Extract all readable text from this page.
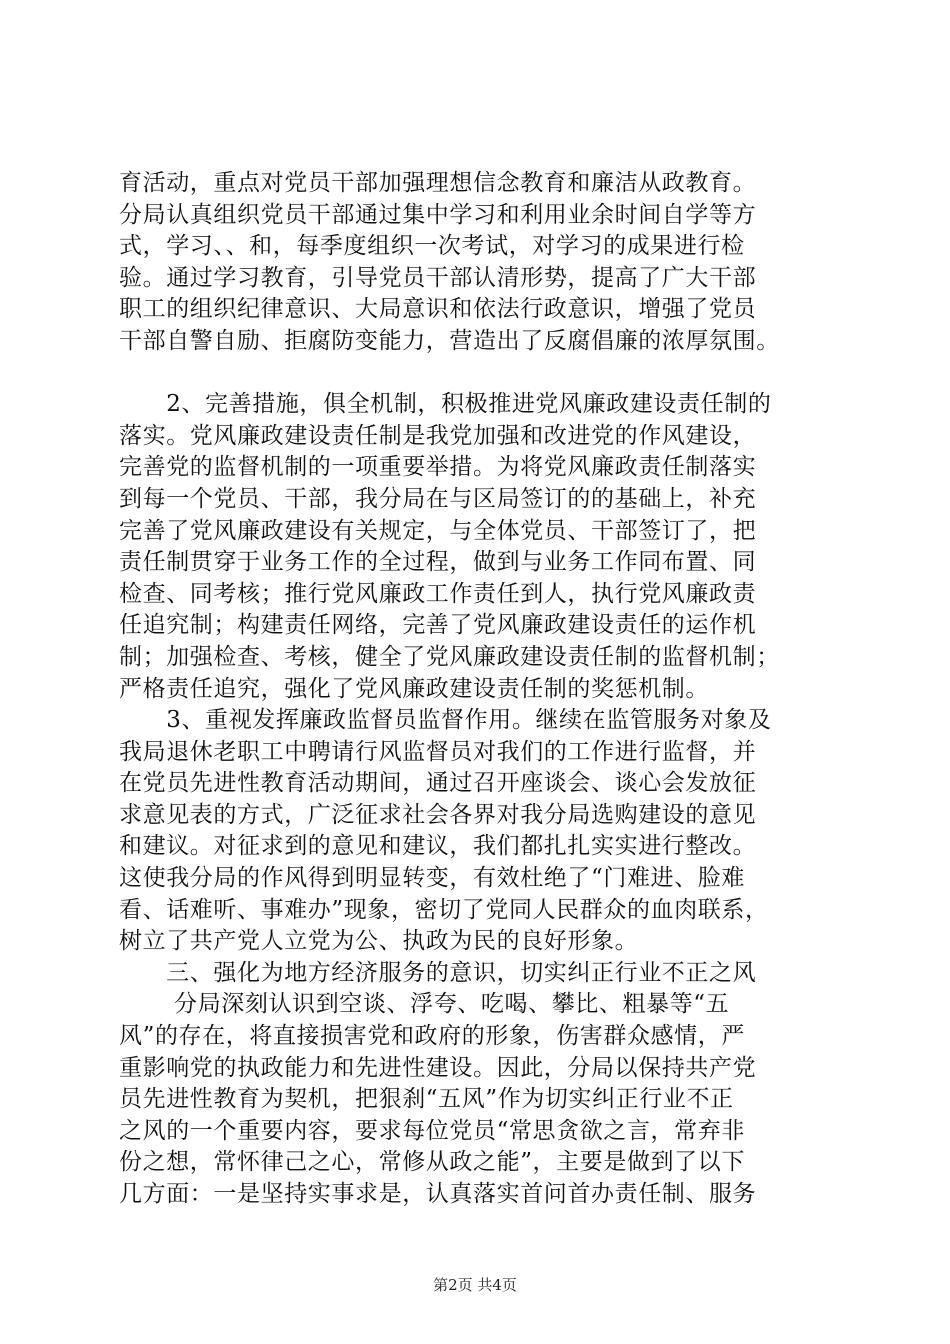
育活动，重点对党员干部加强理想信念教育和廉洁从政教育。
分局认真组织党员干部通过集中学习和利用业余时间自学等方
式，学习、、和，每季度组织一次考试，对学习的成果进行检
验。通过学习教育，引导党员干部认清形势，提高了广大干部
职工的组织纪律意识、大局意识和依法行政意识，增强了党员
干部自警自励、拒腐防变能力，营造出了反腐倡廉的浓厚氛围。
　　2、完善措施，俱全机制，积极推进党风廉政建设责任制的
落实。党风廉政建设责任制是我党加强和改进党的作风建设，
完善党的监督机制的一项重要举措。为将党风廉政责任制落实
到每一个党员、干部，我分局在与区局签订的的基础上，补充
完善了党风廉政建设有关规定，与全体党员、干部签订了，把
责任制贯穿于业务工作的全过程，做到与业务工作同布置、同
检查、同考核；推行党风廉政工作责任到人，执行党风廉政责
任追究制；构建责任网络，完善了党风廉政建设责任的运作机
制；加强检查、考核，健全了党风廉政建设责任制的监督机制；
严格责任追究，强化了党风廉政建设责任制的奖惩机制。
　　3、重视发挥廉政监督员监督作用。继续在监管服务对象及
我局退休老职工中聘请行风监督员对我们的工作进行监督，并
在党员先进性教育活动期间，通过召开座谈会、谈心会发放征
求意见表的方式，广泛征求社会各界对我分局选购建设的意见
和建议。对征求到的意见和建议，我们都扎扎实实进行整改。
这使我分局的作风得到明显转变，有效杜绝了“门难进、脸难
看、话难听、事难办”现象，密切了党同人民群众的血肉联系，
树立了共产党人立党为公、执政为民的良好形象。
　　三、强化为地方经济服务的意识，切实纠正行业不正之风
　　 分局深刻认识到空谈、浮夸、吃喝、攀比、粗暴等“五
风”的存在，将直接损害党和政府的形象，伤害群众感情，严
重影响党的执政能力和先进性建设。因此，分局以保持共产党
员先进性教育为契机，把狠刹“五风”作为切实纠正行业不正
之风的一个重要内容，要求每位党员“常思贪欲之言，常弃非
份之想，常怀律己之心，常修从政之能”，主要是做到了以下
几方面：一是坚持实事求是，认真落实首问首办责任制、服务
第2页 共4页
